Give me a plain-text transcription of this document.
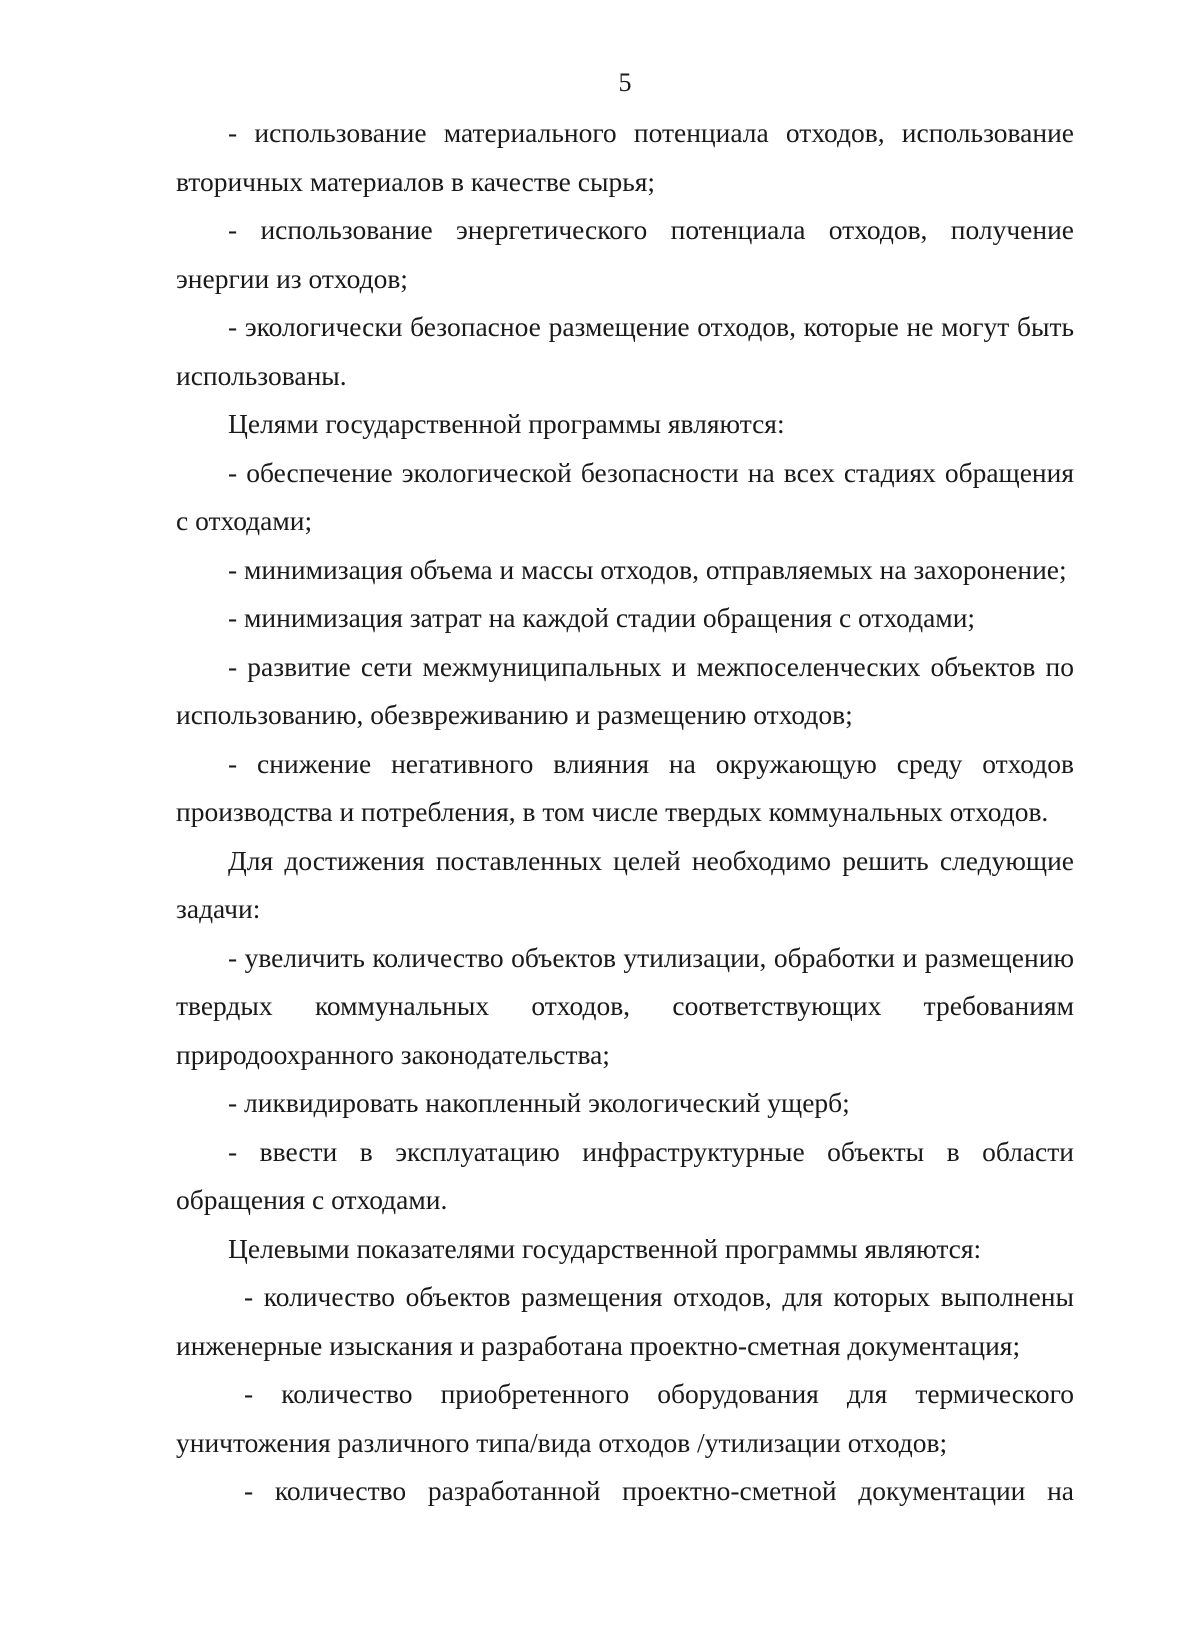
5

- использование материального потенциала отходов, использование вторичных материалов в качестве сырья;

- использование энергетического потенциала отходов, получение энергии из отходов;

- экологически безопасное размещение отходов, которые не могут быть использованы.

Целями государственной программы являются:

- обеспечение экологической безопасности на всех стадиях обращения с отходами;

- минимизация объема и массы отходов, отправляемых на захоронение;

- минимизация затрат на каждой стадии обращения с отходами;

- развитие сети межмуниципальных и межпоселенческих объектов по использованию, обезвреживанию и размещению отходов;

- снижение негативного влияния на окружающую среду отходов производства и потребления, в том числе твердых коммунальных отходов.

Для достижения поставленных целей необходимо решить следующие задачи:

- увеличить количество объектов утилизации, обработки и размещению твердых коммунальных отходов, соответствующих требованиям природоохранного законодательства;

- ликвидировать накопленный экологический ущерб;

- ввести в эксплуатацию инфраструктурные объекты в области обращения с отходами.

Целевыми показателями государственной программы являются:

- количество объектов размещения отходов, для которых выполнены инженерные изыскания и разработана проектно-сметная документация;

- количество приобретенного оборудования для термического уничтожения различного типа/вида отходов /утилизации отходов;

- количество разработанной проектно-сметной документации на
